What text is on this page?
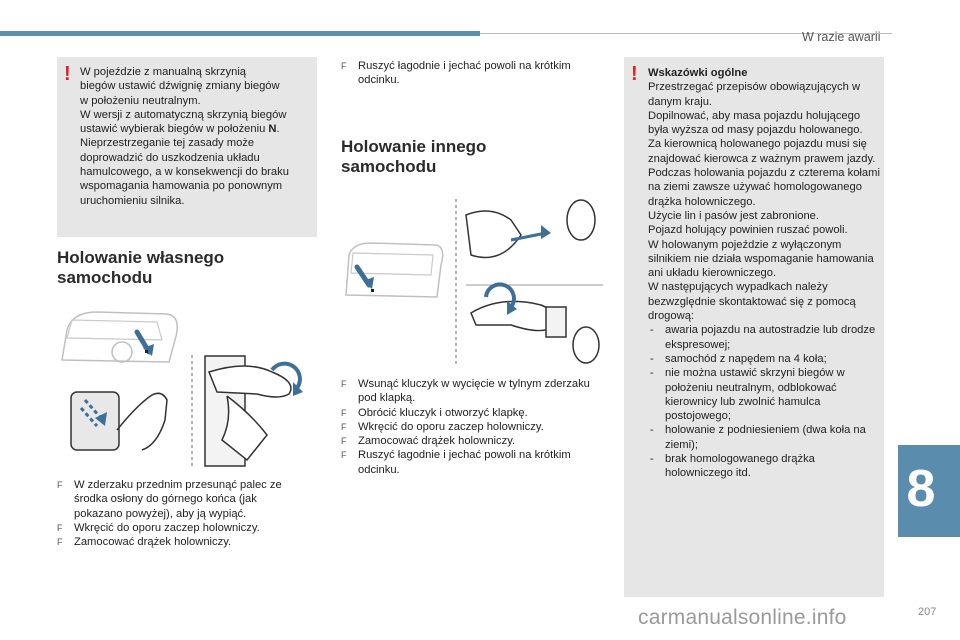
W razie awarii
! W pojeździe z manualną skrzynią

biegów ustawić dźwignię zmiany biegów

w położeniu neutralnym.

W wersji z automatyczną skrzynią biegów

ustawić wybierak biegów w położeniu N.

Nieprzestrzeganie tej zasady może

doprowadzić do uszkodzenia układu

hamulcowego, a w konsekwencji do braku

wspomagania hamowania po ponownym

uruchomieniu silnika.

Holowanie własnego
samochodu

F W zderzaku przednim przesunąć palec ze środka osłony do górnego końca (jak pokazano powyżej), aby ją wypiąć.

F Wkręcić do oporu zaczep holowniczy.

F Zamocować drążek holowniczy.

F Ruszyć łagodnie i jechać powoli na krótkim odcinku.

Holowanie innego
samochodu

F Wsunąć kluczyk w wycięcie w tylnym zderzaku pod klapką.

F Obrócić kluczyk i otworzyć klapkę.

F Wkręcić do oporu zaczep holowniczy.

F Zamocować drążek holowniczy.

F Ruszyć łagodnie i jechać powoli na krótkim odcinku.

! Wskazówki ogólne

Przestrzegać przepisów obowiązujących w danym kraju.

Dopilnować, aby masa pojazdu holującego była wyższa od masy pojazdu holowanego.

Za kierownicą holowanego pojazdu musi się znajdować kierowca z ważnym prawem jazdy.

Podczas holowania pojazdu z czterema kołami na ziemi zawsze używać homologowanego drążka holowniczego.

Użycie lin i pasów jest zabronione.

Pojazd holujący powinien ruszać powoli.

W holowanym pojeździe z wyłączonym silnikiem nie działa wspomaganie hamowania ani układu kierowniczego.

W następujących wypadkach należy bezwzględnie skontaktować się z pomocą drogową:

- awaria pojazdu na autostradzie lub drodze ekspresowej;

- samochód z napędem na 4 koła;

- nie można ustawić skrzyni biegów w położeniu neutralnym, odblokować kierownicy lub zwolnić hamulca postojowego;

- holowanie z podniesieniem (dwa koła na ziemi);

- brak homologowanego drążka holowniczego itd.	8
carmanualsonline.info	207
